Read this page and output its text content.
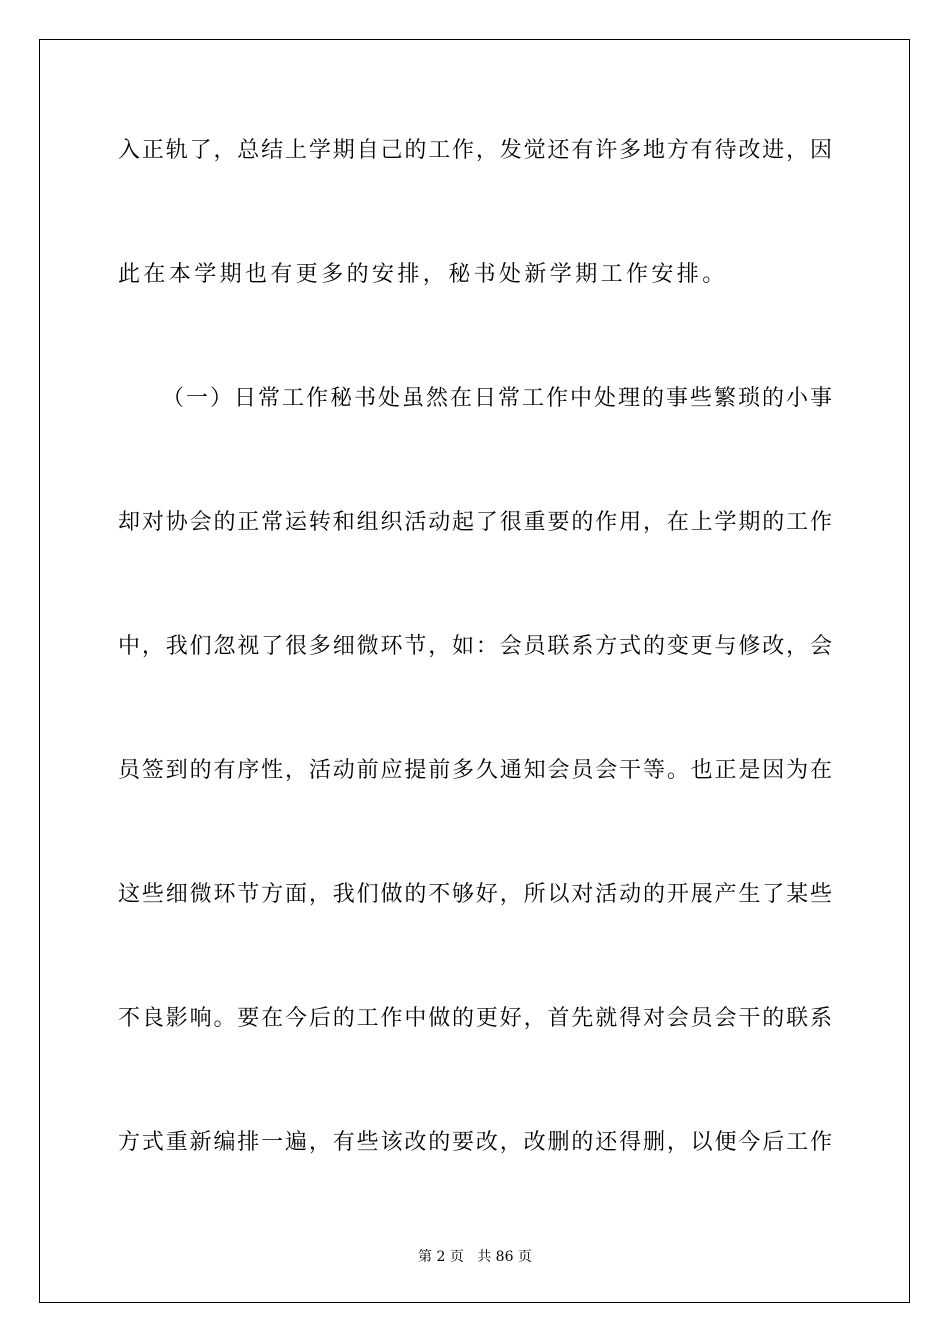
入正轨了，总结上学期自己的工作，发觉还有许多地方有待改进，因
此在本学期也有更多的安排，秘书处新学期工作安排。
（一）日常工作秘书处虽然在日常工作中处理的事些繁琐的小事
却对协会的正常运转和组织活动起了很重要的作用，在上学期的工作
中，我们忽视了很多细微环节，如：会员联系方式的变更与修改，会
员签到的有序性，活动前应提前多久通知会员会干等。也正是因为在
这些细微环节方面，我们做的不够好，所以对活动的开展产生了某些
不良影响。要在今后的工作中做的更好，首先就得对会员会干的联系
方式重新编排一遍，有些该改的要改，改删的还得删，以便今后工作
第 2 页 共 86 页
